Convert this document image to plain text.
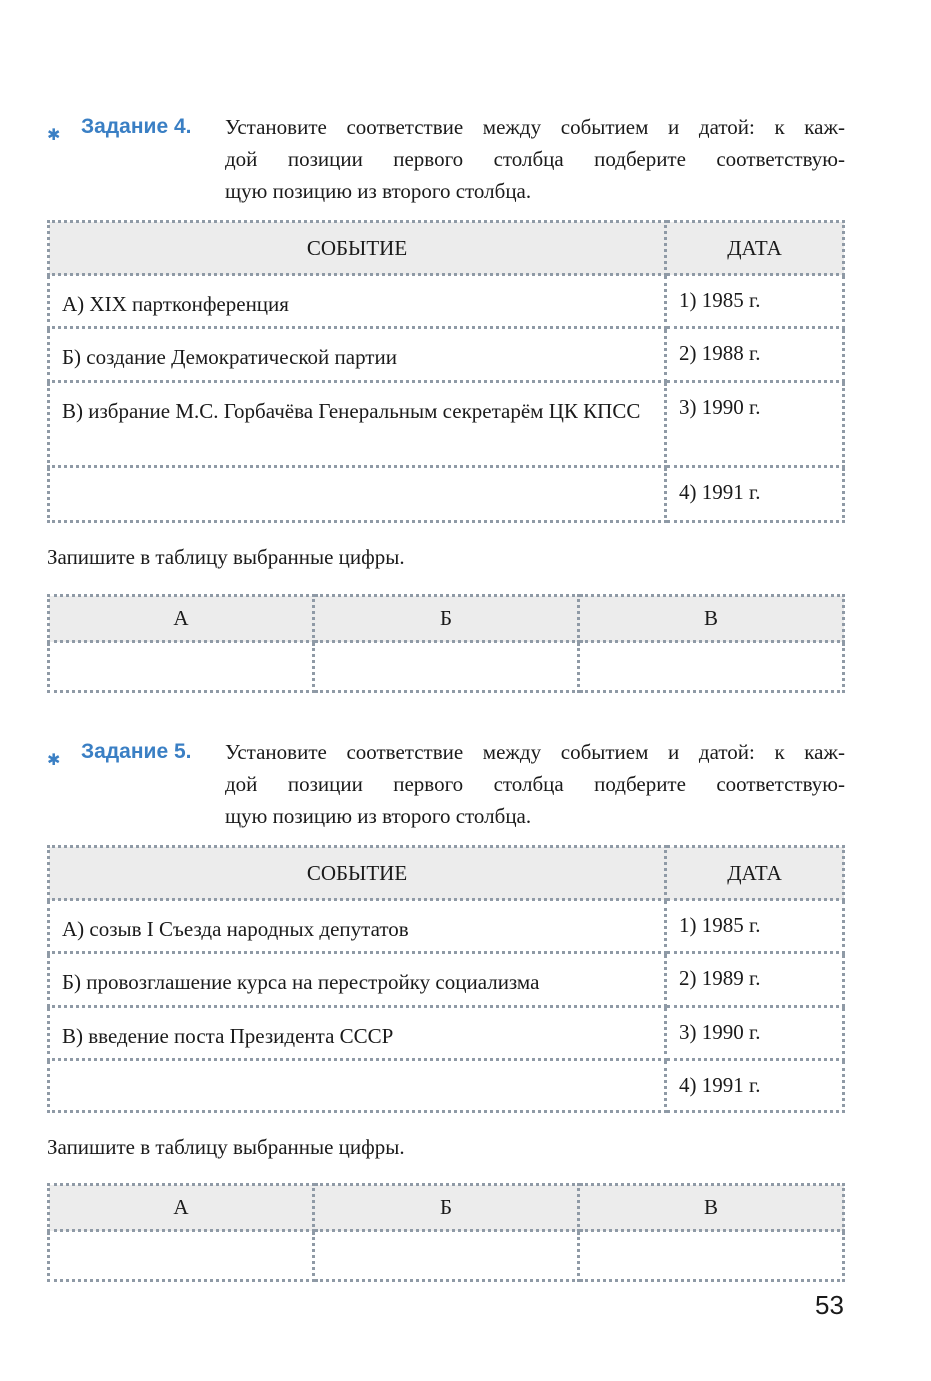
✱ Задание 4. Установите соответствие между событием и датой: к каж-
дой позиции первого столбца подберите соответствую-
щую позицию из второго столбца.
СОБЫТИЕ	ДАТА
А) XIX партконференция	1) 1985 г.
Б) создание Демократической партии	2) 1988 г.
В) избрание М.С. Горбачёва Генеральным секретарём ЦК КПСС	3) 1990 г.
	4) 1991 г.
Запишите в таблицу выбранные цифры.
А	Б	В

✱ Задание 5. Установите соответствие между событием и датой: к каж-
дой позиции первого столбца подберите соответствую-
щую позицию из второго столбца.
СОБЫТИЕ	ДАТА
А) созыв I Съезда народных депутатов	1) 1985 г.
Б) провозглашение курса на перестройку социализма	2) 1989 г.
В) введение поста Президента СССР	3) 1990 г.
	4) 1991 г.
Запишите в таблицу выбранные цифры.
А	Б	В

53
